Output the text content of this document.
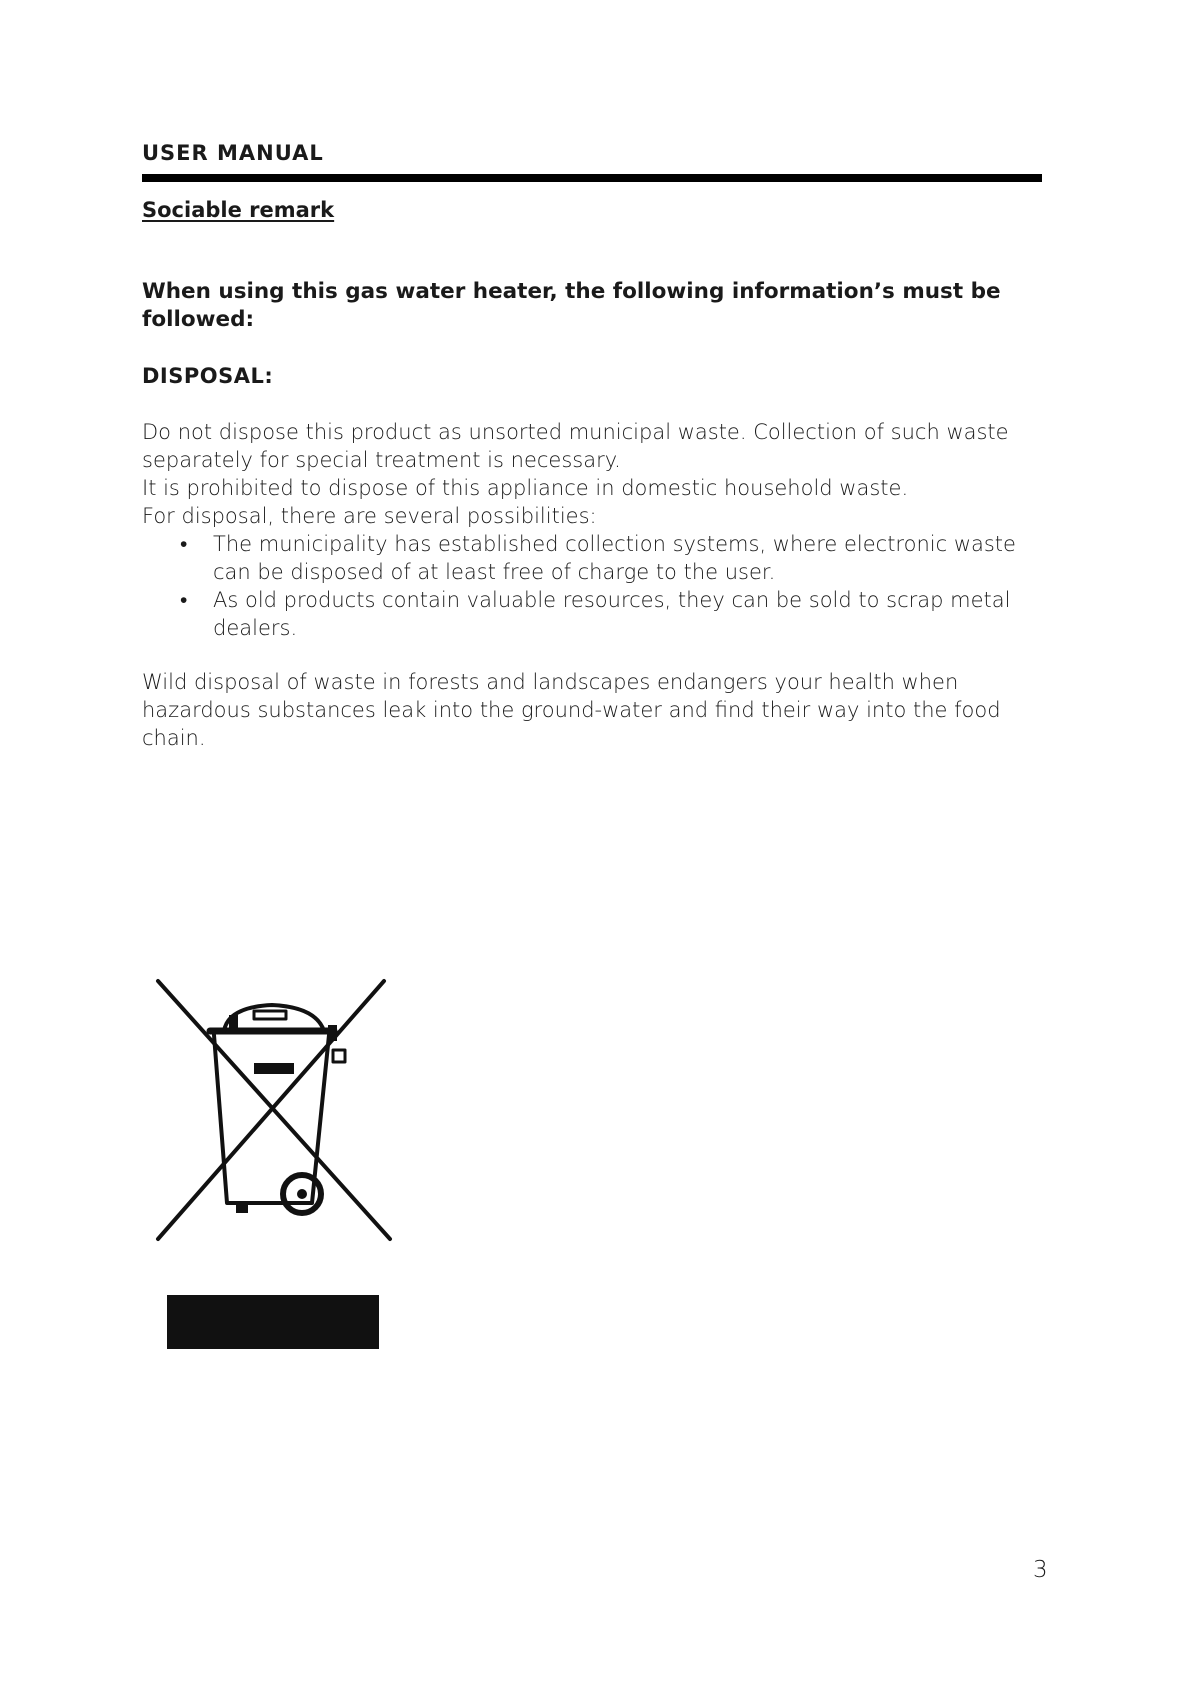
USER MANUAL
Sociable remark
When using this gas water heater, the following information’s must be followed:
DISPOSAL:

Do not dispose this product as unsorted municipal waste. Collection of such waste separately for special treatment is necessary.

It is prohibited to dispose of this appliance in domestic household waste.

For disposal, there are several possibilities:

• The municipality has established collection systems, where electronic waste can be disposed of at least free of charge to the user.
• As old products contain valuable resources, they can be sold to scrap metal dealers.
Wild disposal of waste in forests and landscapes endangers your health when hazardous substances leak into the ground-water and find their way into the food chain.
3
